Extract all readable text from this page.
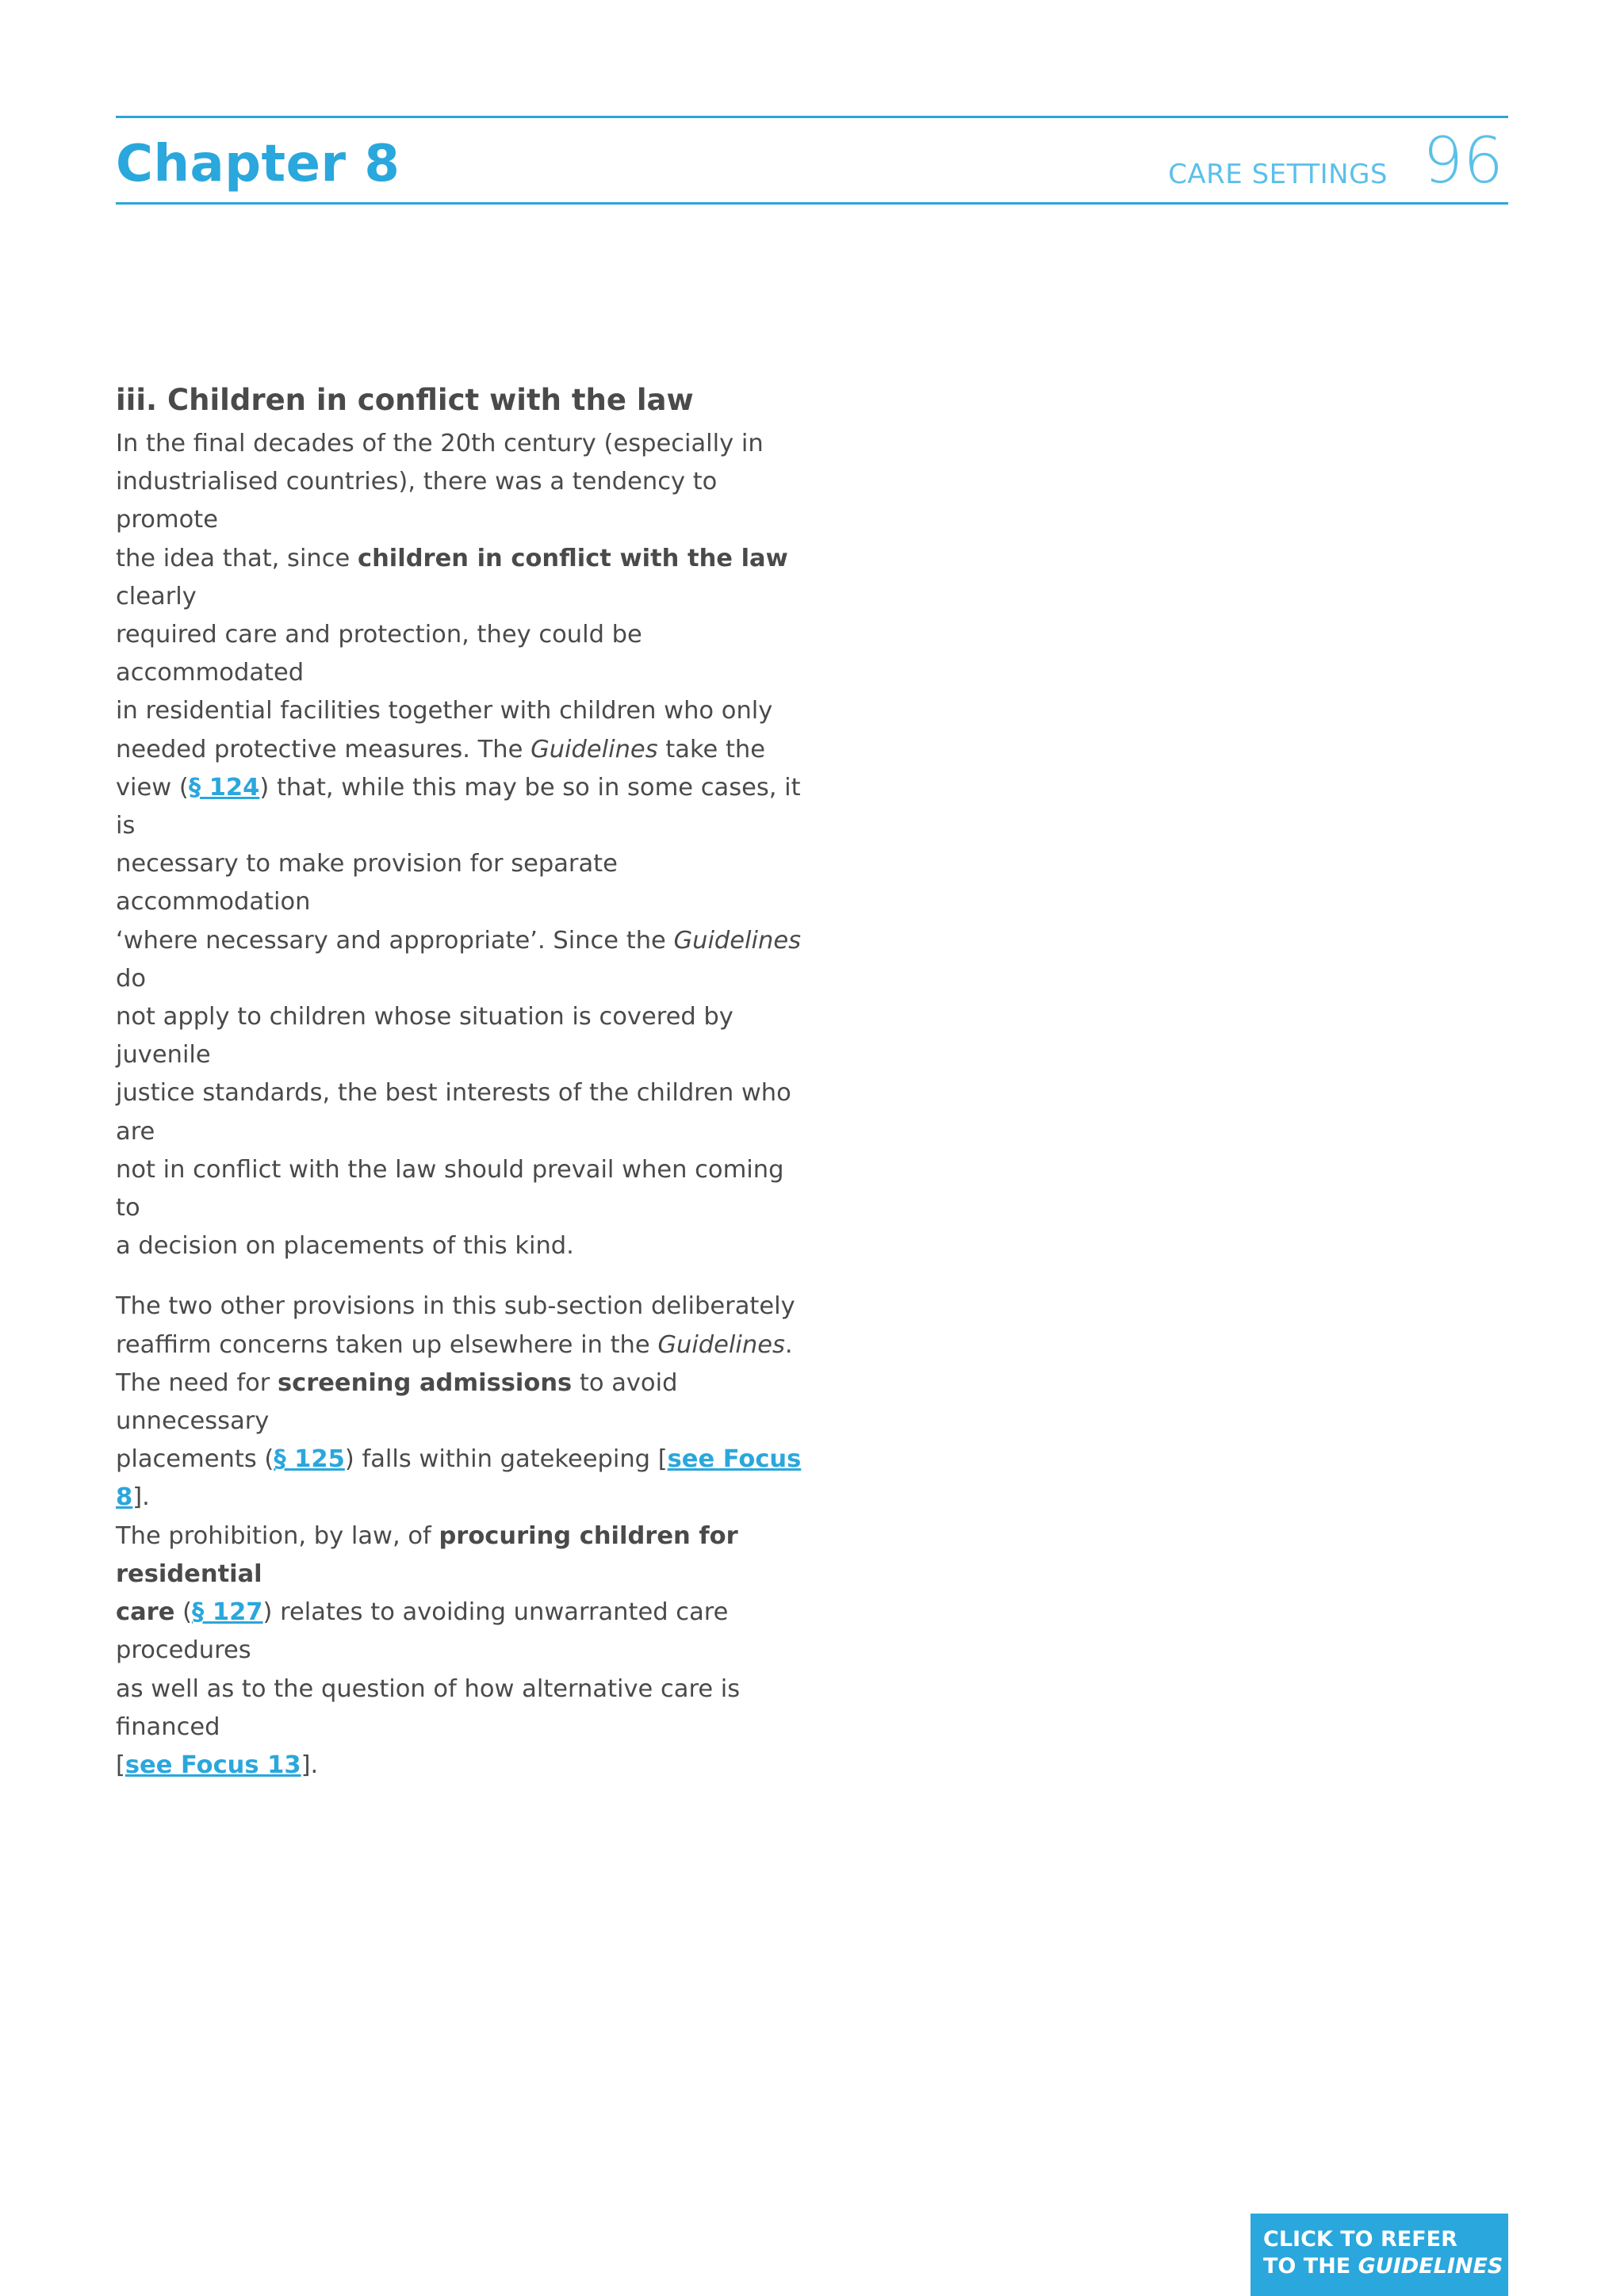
Chapter 8	CARE SETTINGS 96
iii. Children in conflict with the law

In the final decades of the 20th century (especially in
industrialised countries), there was a tendency to promote
the idea that, since children in conflict with the law clearly
required care and protection, they could be accommodated
in residential facilities together with children who only
needed protective measures. The Guidelines take the
view (§ 124) that, while this may be so in some cases, it is
necessary to make provision for separate accommodation
‘where necessary and appropriate’. Since the Guidelines do
not apply to children whose situation is covered by juvenile
justice standards, the best interests of the children who are
not in conflict with the law should prevail when coming to
a decision on placements of this kind.

The two other provisions in this sub-section deliberately
reaffirm concerns taken up elsewhere in the Guidelines.
The need for screening admissions to avoid unnecessary
placements (§ 125) falls within gatekeeping [see Focus 8].
The prohibition, by law, of procuring children for residential
care (§ 127) relates to avoiding unwarranted care procedures
as well as to the question of how alternative care is financed
[see Focus 13].

CLICK TO REFER
TO THE GUIDELINES
